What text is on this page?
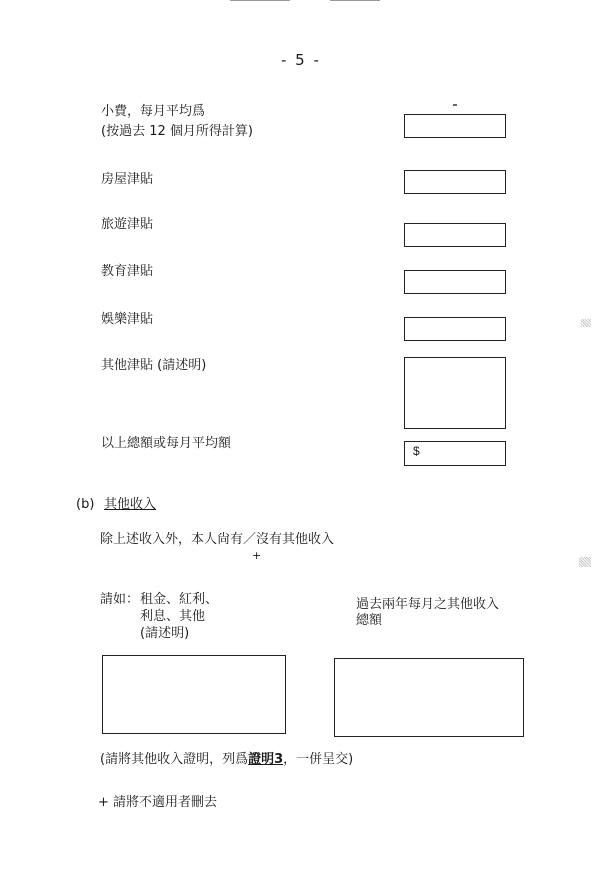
- 5 -
小費，每月平均爲
(按過去 12 個月所得計算)
房屋津貼
旅遊津貼
教育津貼
娛樂津貼
其他津貼 (請述明)
以上總額或每月平均額	$
(b) 其他收入
除上述收入外，本人尙有／沒有其他收入
+
請如： 租金、紅利、
利息、其他
(請述明)
過去兩年每月之其他收入
總額
(請將其他收入證明，列爲證明3，一併呈交)
+ 請將不適用者刪去
